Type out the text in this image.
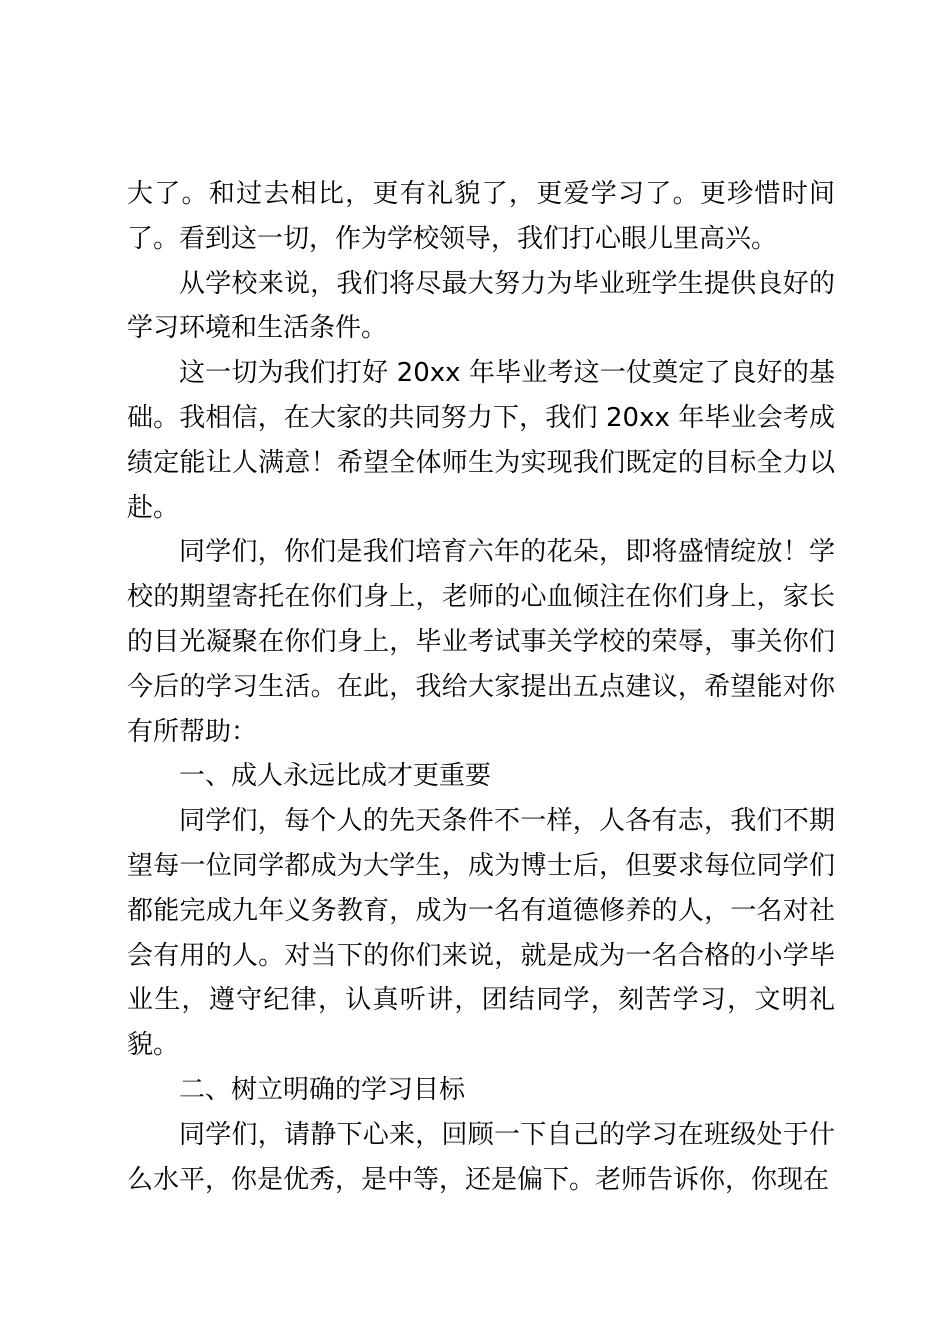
大了。和过去相比，更有礼貌了，更爱学习了。更珍惜时间了。看到这一切，作为学校领导，我们打心眼儿里高兴。

从学校来说，我们将尽最大努力为毕业班学生提供良好的学习环境和生活条件。

这一切为我们打好 20xx 年毕业考这一仗奠定了良好的基础。我相信，在大家的共同努力下，我们 20xx 年毕业会考成绩定能让人满意！希望全体师生为实现我们既定的目标全力以赴。

同学们，你们是我们培育六年的花朵，即将盛情绽放！学校的期望寄托在你们身上，老师的心血倾注在你们身上，家长的目光凝聚在你们身上，毕业考试事关学校的荣辱，事关你们今后的学习生活。在此，我给大家提出五点建议，希望能对你有所帮助：

一、成人永远比成才更重要

同学们，每个人的先天条件不一样，人各有志，我们不期望每一位同学都成为大学生，成为博士后，但要求每位同学们都能完成九年义务教育，成为一名有道德修养的人，一名对社会有用的人。对当下的你们来说，就是成为一名合格的小学毕业生，遵守纪律，认真听讲，团结同学，刻苦学习，文明礼貌。

二、树立明确的学习目标

同学们，请静下心来，回顾一下自己的学习在班级处于什么水平，你是优秀，是中等，还是偏下。老师告诉你，你现在
